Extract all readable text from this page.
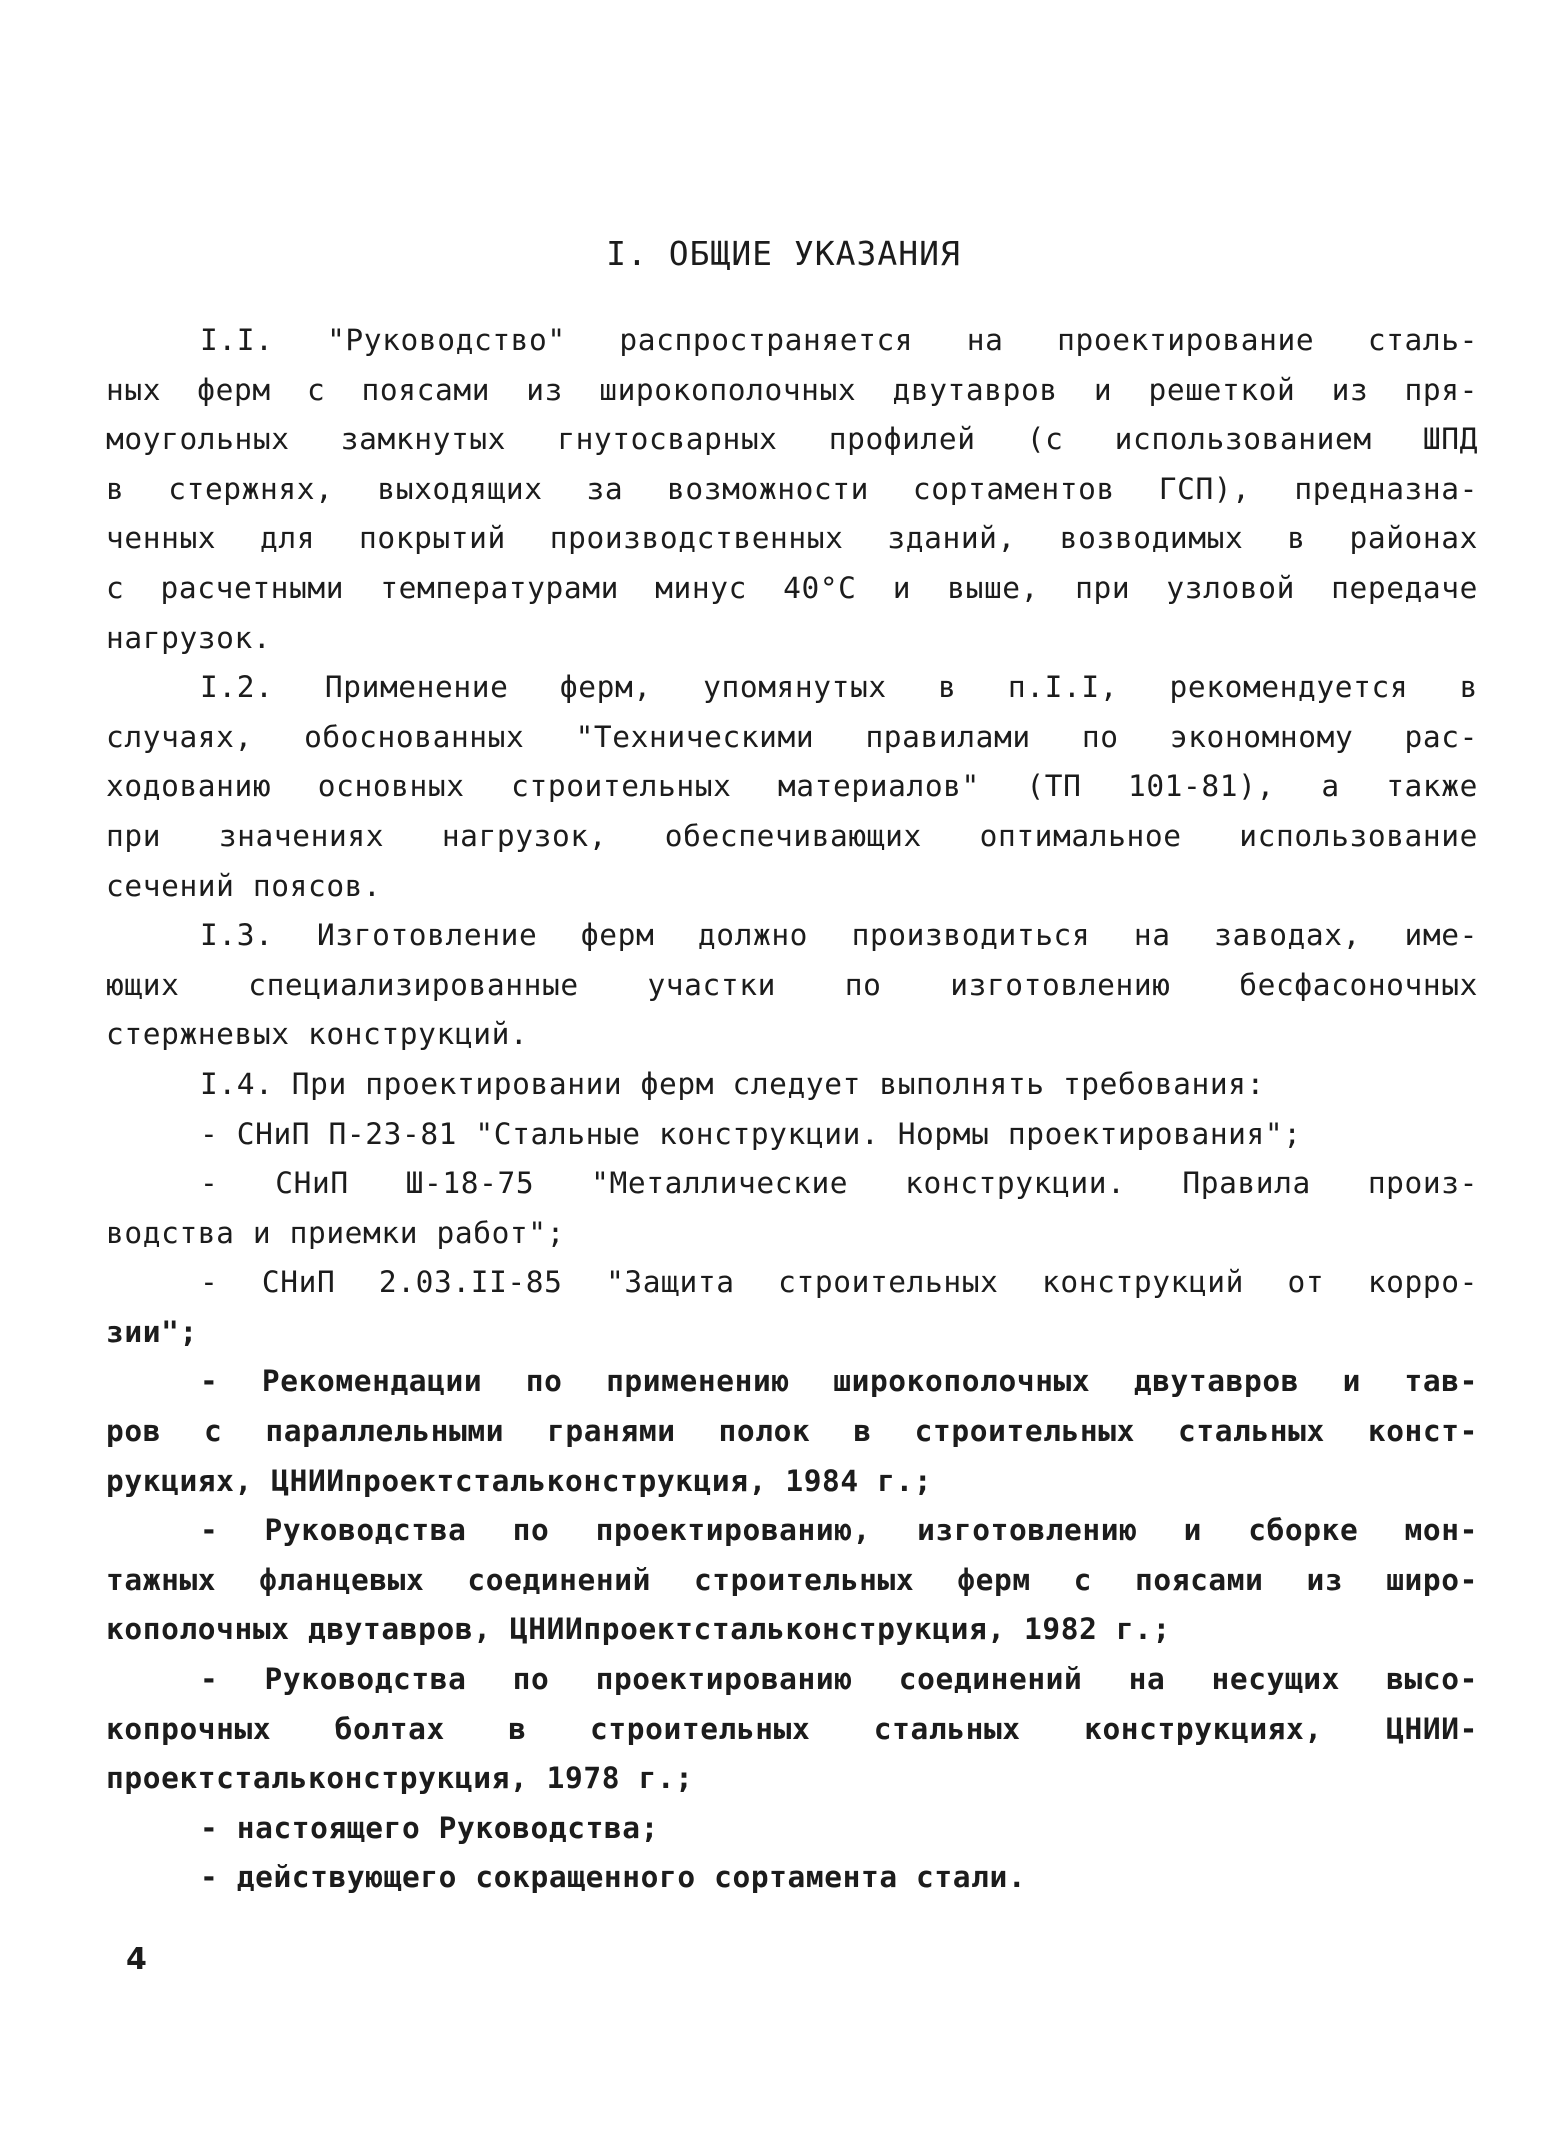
I. ОБЩИЕ УКАЗАНИЯ
I.I. "Руководство" распространяется на проектирование сталь-
ных ферм с поясами из широкополочных двутавров и решеткой из пря-
моугольных замкнутых гнутосварных профилей (с использованием ШПД
в стержнях, выходящих за возможности сортаментов ГСП), предназна-
ченных для покрытий производственных зданий, возводимых в районах
с расчетными температурами минус 40°С и выше, при узловой передаче
нагрузок.
I.2. Применение ферм, упомянутых в п.I.I, рекомендуется в
случаях, обоснованных "Техническими правилами по экономному рас-
ходованию основных строительных материалов" (ТП 101-81), а также
при значениях нагрузок, обеспечивающих оптимальное использование
сечений поясов.
I.3. Изготовление ферм должно производиться на заводах, име-
ющих специализированные участки по изготовлению бесфасоночных
стержневых конструкций.
I.4. При проектировании ферм следует выполнять требования:
- СНиП П-23-81 "Стальные конструкции. Нормы проектирования";
- СНиП Ш-18-75 "Металлические конструкции. Правила произ-
водства и приемки работ";
- СНиП 2.03.II-85 "Защита строительных конструкций от корро-
зии";
- Рекомендации по применению широкополочных двутавров и тав-
ров с параллельными гранями полок в строительных стальных конст-
рукциях, ЦНИИпроектстальконструкция, 1984 г.;
- Руководства по проектированию, изготовлению и сборке мон-
тажных фланцевых соединений строительных ферм с поясами из широ-
кополочных двутавров, ЦНИИпроектстальконструкция, 1982 г.;
- Руководства по проектированию соединений на несущих высо-
копрочных болтах в строительных стальных конструкциях, ЦНИИ-
проектстальконструкция, 1978 г.;
- настоящего Руководства;
- действующего сокращенного сортамента стали.
4
